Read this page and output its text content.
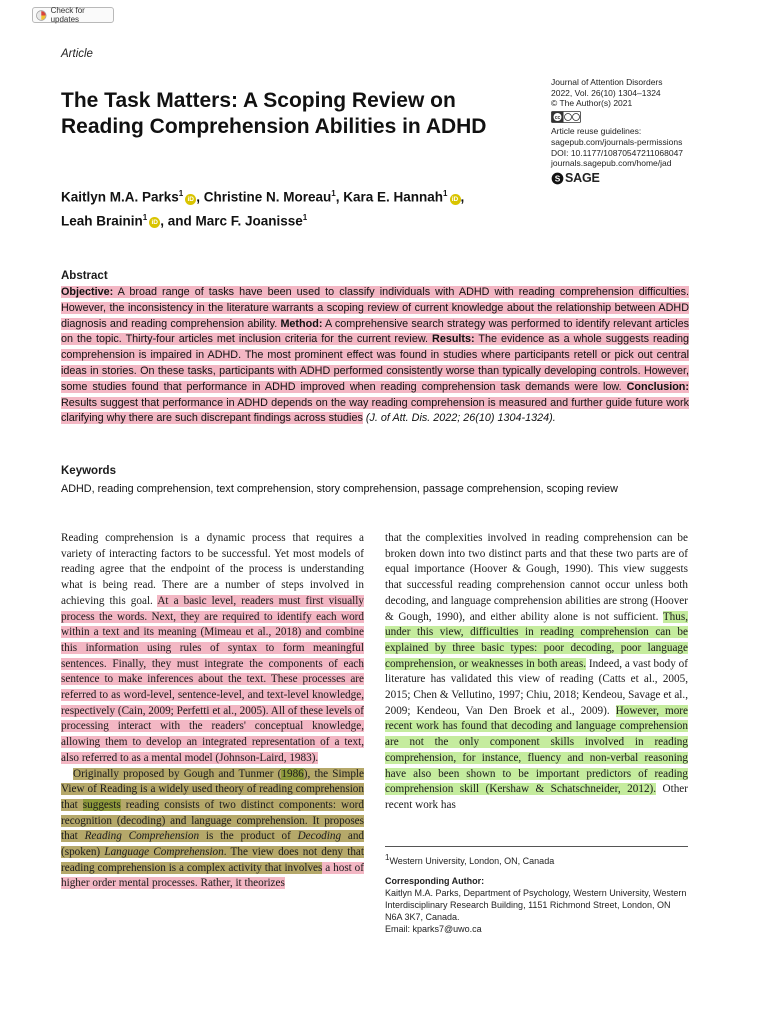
Check for updates
Article
The Task Matters: A Scoping Review on Reading Comprehension Abilities in ADHD
Journal of Attention Disorders
2022, Vol. 26(10) 1304–1324
© The Author(s) 2021
cc
Article reuse guidelines:
sagepub.com/journals-permissions
DOI: 10.1177/10870547211068047
journals.sagepub.com/home/jad
S SAGE
Kaitlyn M.A. Parks$^1$iD , Christine N. Moreau$^1$, Kara E. Hannah$^1$iD ,
Leah Brainin$^1$iD , and Marc F. Joanisse$^1$
Abstract
Objective: A broad range of tasks have been used to classify individuals with ADHD with reading comprehension difficulties. However, the inconsistency in the literature warrants a scoping review of current knowledge about the relationship between ADHD diagnosis and reading comprehension ability. Method: A comprehensive search strategy was performed to identify relevant articles on the topic. Thirty-four articles met inclusion criteria for the current review. Results: The evidence as a whole suggests reading comprehension is impaired in ADHD. The most prominent effect was found in studies where participants retell or pick out central ideas in stories. On these tasks, participants with ADHD performed consistently worse than typically developing controls. However, some studies found that performance in ADHD improved when reading comprehension task demands were low. Conclusion: Results suggest that performance in ADHD depends on the way reading comprehension is measured and further guide future work clarifying why there are such discrepant findings across studies (J. of Att. Dis. 2022; 26(10) 1304-1324).
Keywords
ADHD, reading comprehension, text comprehension, story comprehension, passage comprehension, scoping review
Reading comprehension is a dynamic process that requires a variety of interacting factors to be successful. Yet most models of reading agree that the endpoint of the process is understanding what is being read. There are a number of steps involved in achieving this goal. At a basic level, readers must first visually process the words. Next, they are required to identify each word within a text and its meaning (Mimeau et al., 2018) and combine this information using rules of syntax to form meaningful sentences. Finally, they must integrate the components of each sentence to make inferences about the text. These processes are referred to as word-level, sentence-level, and text-level knowledge, respectively (Cain, 2009; Perfetti et al., 2005). All of these levels of processing interact with the readers' conceptual knowledge, allowing them to develop an integrated representation of a text, also referred to as a mental model (Johnson-Laird, 1983).
Originally proposed by Gough and Tunmer (1986), the Simple View of Reading is a widely used theory of reading comprehension that suggests reading consists of two distinct components: word recognition (decoding) and language comprehension. It proposes that Reading Comprehension is the product of Decoding and (spoken) Language Comprehension. The view does not deny that reading comprehension is a complex activity that involves a host of higher order mental processes. Rather, it theorizes
that the complexities involved in reading comprehension can be broken down into two distinct parts and that these two parts are of equal importance (Hoover & Gough, 1990). This view suggests that successful reading comprehension cannot occur unless both decoding, and language comprehension abilities are strong (Hoover & Gough, 1990), and either ability alone is not sufficient. Thus, under this view, difficulties in reading comprehension can be explained by three basic types: poor decoding, poor language comprehension, or weaknesses in both areas. Indeed, a vast body of literature has validated this view of reading (Catts et al., 2005, 2015; Chen & Vellutino, 1997; Chiu, 2018; Kendeou, Savage et al., 2009; Kendeou, Van Den Broek et al., 2009). However, more recent work has found that decoding and language comprehension are not the only component skills involved in reading comprehension, for instance, fluency and non-verbal reasoning have also been shown to be important predictors of reading comprehension skill (Kershaw & Schatschneider, 2012). Other recent work has
$^1$Western University, London, ON, Canada
Corresponding Author:
Kaitlyn M.A. Parks, Department of Psychology, Western University, Western Interdisciplinary Research Building, 1151 Richmond Street, London, ON N6A 3K7, Canada.
Email: kparks7@uwo.ca
